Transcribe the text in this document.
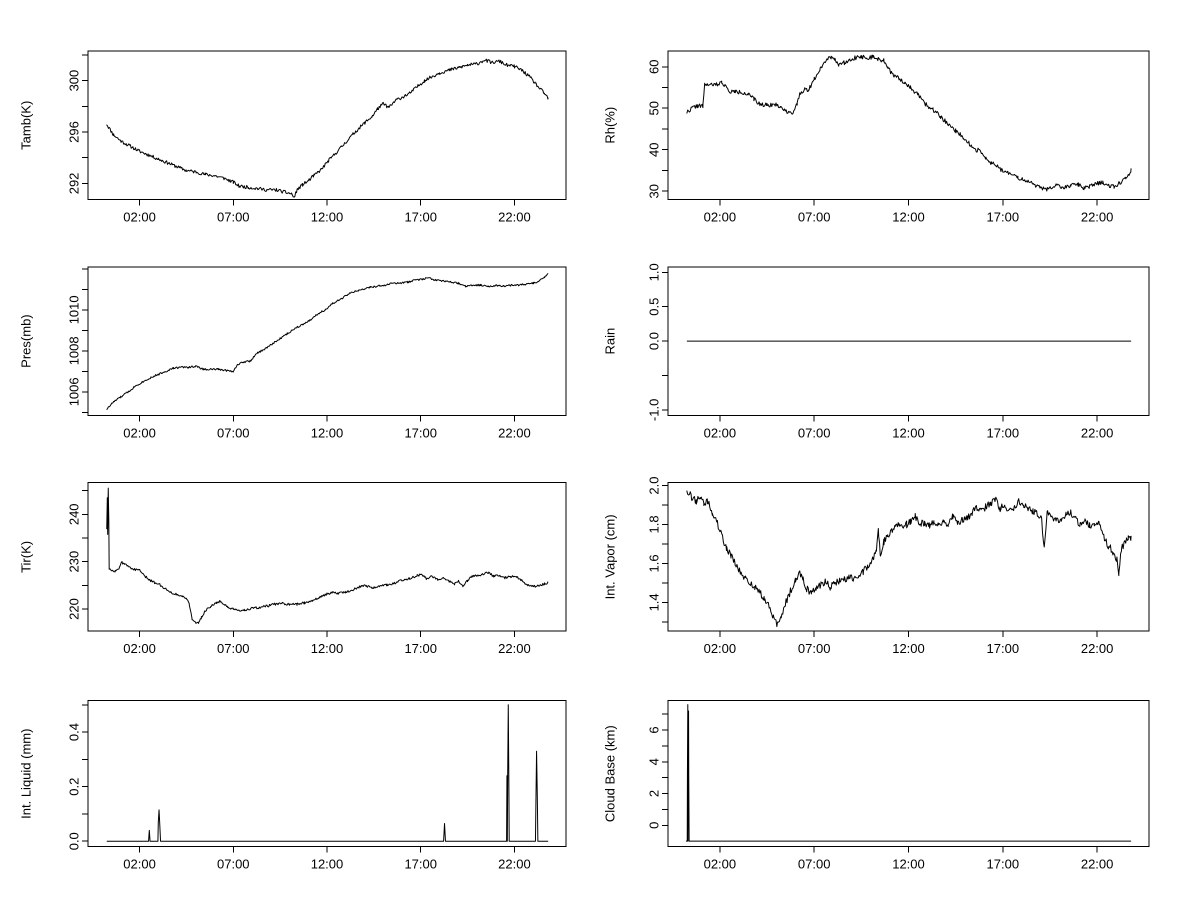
02:00	07:00	12:00	17:00	22:00
292
296
300
Tamb(K)
02:00	07:00	12:00	17:00	22:00
30
40
50
60
Rh(%)
02:00	07:00	12:00	17:00	22:00
1006
1008
1010
Pres(mb)
02:00	07:00	12:00	17:00	22:00
-1.0
0.0
0.5
1.0
Rain
02:00	07:00	12:00	17:00	22:00
220
230
240
Tir(K)
02:00	07:00	12:00	17:00	22:00
1.4
1.6
1.8
2.0
Int. Vapor (cm)
02:00	07:00	12:00	17:00	22:00
0.0
0.2
0.4
Int. Liquid (mm)
02:00	07:00	12:00	17:00	22:00
0
2
4
6
Cloud Base (km)
